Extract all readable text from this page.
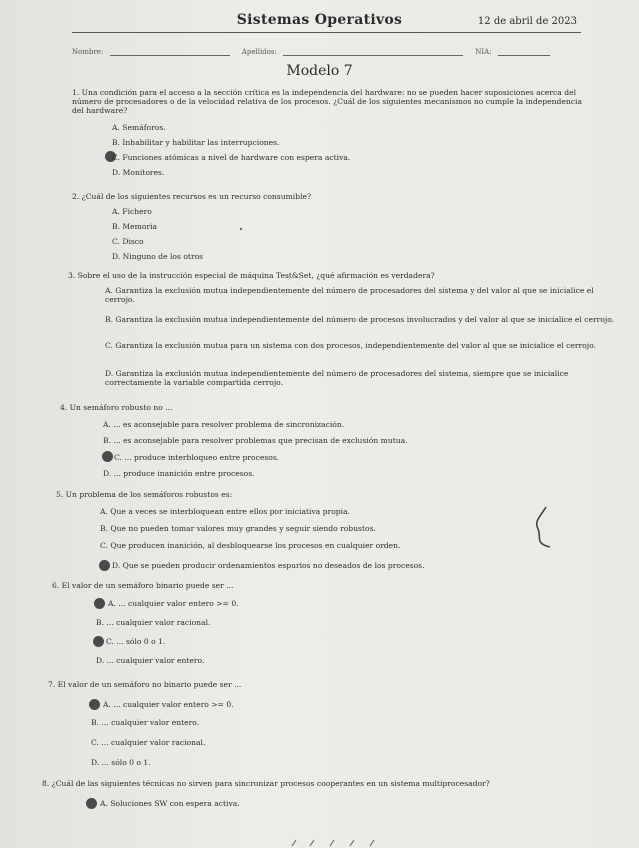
Sistemas Operativos	12 de abril de 2023
Nombre:	Apellidos:	NIA:
Modelo 7
1. Una condición para el acceso a la sección crítica es la independencia del hardware: no se pueden hacer suposiciones acerca del número de procesadores o de la velocidad relativa de los procesos. ¿Cuál de los siguientes mecanismos no cumple la independencia del hardware?
A. Semáforos.
B. Inhabilitar y habilitar las interrupciones.
C. Funciones atómicas a nivel de hardware con espera activa.
D. Monitores.
2. ¿Cuál de los siguientes recursos es un recurso consumible?
A. Fichero
B. Memoria
C. Disco
D. Ninguno de los otros
3. Sobre el uso de la instrucción especial de máquina Test&Set, ¿qué afirmación es verdadera?
A. Garantiza la exclusión mutua independientemente del número de procesadores del sistema y del valor al que se inicialice el cerrojo.
B. Garantiza la exclusión mutua independientemente del número de procesos involucrados y del valor al que se inicialice el cerrojo.
C. Garantiza la exclusión mutua para un sistema con dos procesos, independientemente del valor al que se inicialice el cerrojo.
D. Garantiza la exclusión mutua independientemente del número de procesadores del sistema, siempre que se inicialice correctamente la variable compartida cerrojo.
4. Un semáforo robusto no ...
A. ... es aconsejable para resolver problema de sincronización.
B. ... es aconsejable para resolver problemas que precisan de exclusión mutua.
C. ... produce interbloqueo entre procesos.
D. ... produce inanición entre procesos.
5. Un problema de los semáforos robustos es:
A. Que a veces se interbloquean entre ellos por iniciativa propia.
B. Que no pueden tomar valores muy grandes y seguir siendo robustos.
C. Que producen inanición, al desbloquearse los procesos en cualquier orden.
D. Que se pueden producir ordenamientos espurios no deseados de los procesos.
6. El valor de un semáforo binario puede ser ...
A. ... cualquier valor entero >= 0.
B. ... cualquier valor racional.
C. ... sólo 0 o 1.
D. ... cualquier valor entero.
7. El valor de un semáforo no binario puede ser ...
A. ... cualquier valor entero >= 0.
B. ... cualquier valor entero.
C. ... cualquier valor racional.
D. ... sólo 0 o 1.
8. ¿Cuál de las siguientes técnicas no sirven para sincronizar procesos cooperantes en un sistema multiprocesador?
A. Soluciones SW con espera activa.
